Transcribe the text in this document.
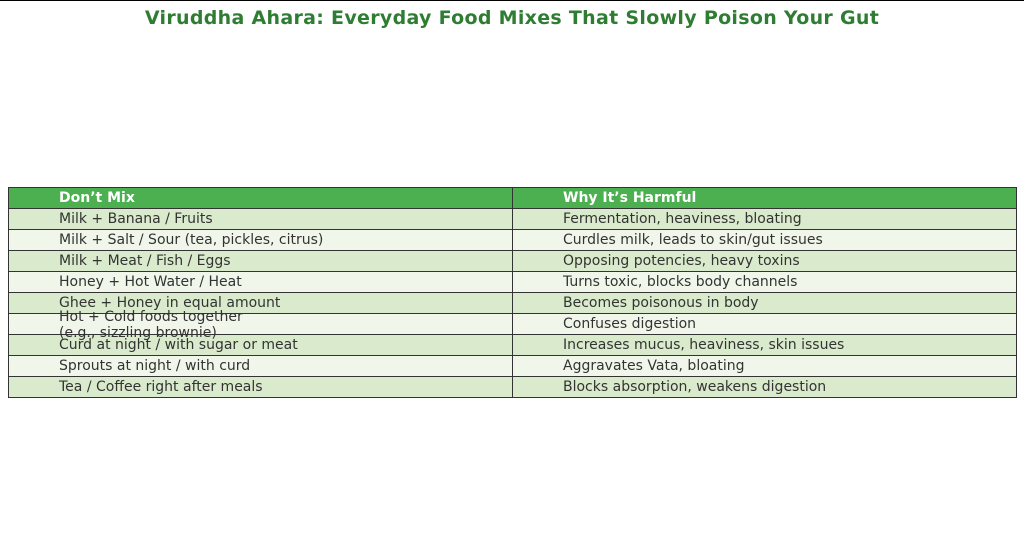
Viruddha Ahara: Everyday Food Mixes That Slowly Poison Your Gut
Don’t Mix	Why It’s Harmful
Milk + Banana / Fruits	Fermentation, heaviness, bloating
Milk + Salt / Sour (tea, pickles, citrus)	Curdles milk, leads to skin/gut issues
Milk + Meat / Fish / Eggs	Opposing potencies, heavy toxins
Honey + Hot Water / Heat	Turns toxic, blocks body channels
Ghee + Honey in equal amount	Becomes poisonous in body

Hot + Cold foods together
(e.g., sizzling brownie)	Confuses digestion
Curd at night / with sugar or meat	Increases mucus, heaviness, skin issues
Sprouts at night / with curd	Aggravates Vata, bloating
Tea / Coffee right after meals	Blocks absorption, weakens digestion
